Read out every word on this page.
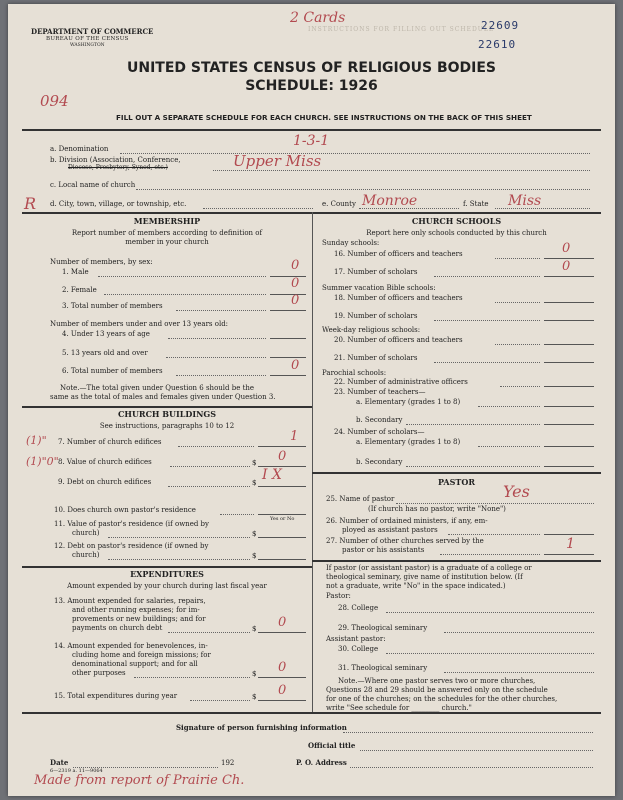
INSTRUCTIONS FOR FILLING OUT SCHEDULE
DEPARTMENT OF COMMERCE
BUREAU OF THE CENSUS
WASHINGTON
2 Cards	22609
22610
UNITED STATES CENSUS OF RELIGIOUS BODIES
SCHEDULE: 1926
094
FILL OUT A SEPARATE SCHEDULE FOR EACH CHURCH. SEE INSTRUCTIONS ON THE BACK OF THIS SHEET
a. Denomination	1-3-1
b. Division (Association, Conference,
Diocese, Presbytery, Synod, etc.)	Upper Miss
c. Local name of church
R d. City, town, village, or township, etc.	e. County Monroe	f. State Miss
MEMBERSHIP
Report number of members according to definition of
member in your church
Number of members, by sex:
1. Male	0
2. Female	0
3. Total number of members	0
Number of members under and over 13 years old:
4. Under 13 years of age
5. 13 years old and over
6. Total number of members	0
Note.—The total given under Question 6 should be the
same as the total of males and females given under Question 3.
CHURCH BUILDINGS
See instructions, paragraphs 10 to 12
(1)" 7. Number of church edifices	1
(1)"0" 8. Value of church edifices	$ 0
9. Debt on church edifices	$ I X
10. Does church own pastor's residence
Yes or No
11. Value of pastor's residence (if owned by
church)	$
12. Debt on pastor's residence (if owned by
church)	$
EXPENDITURES
Amount expended by your church during last fiscal year
13. Amount expended for salaries, repairs,
and other running expenses; for im-
provements or new buildings; and for
payments on church debt	$ 0
14. Amount expended for benevolences, in-
cluding home and foreign missions; for
denominational support; and for all
other purposes	$ 0
15. Total expenditures during year	$ 0
CHURCH SCHOOLS
Report here only schools conducted by this church
Sunday schools:
16. Number of officers and teachers	0
17. Number of scholars	0
Summer vacation Bible schools:
18. Number of officers and teachers
19. Number of scholars
Week-day religious schools:
20. Number of officers and teachers
21. Number of scholars
Parochial schools:
22. Number of administrative officers
23. Number of teachers—
a. Elementary (grades 1 to 8)
b. Secondary
24. Number of scholars—
a. Elementary (grades 1 to 8)
b. Secondary
PASTOR
25. Name of pastor	Yes
(If church has no pastor, write "None")
26. Number of ordained ministers, if any, em-
ployed as assistant pastors
27. Number of other churches served by the
pastor or his assistants	1
If pastor (or assistant pastor) is a graduate of a college or
theological seminary, give name of institution below. (If
not a graduate, write "No" in the space indicated.)
Pastor:
28. College
29. Theological seminary
Assistant pastor:
30. College
31. Theological seminary
Note.—Where one pastor serves two or more churches,
Questions 28 and 29 should be answered only on the schedule
for one of the churches; on the schedules for the other churches,
write "See schedule for ________ church."
Signature of person furnishing information
Official title
Date	192	P. O. Address
6—2319 a. 11—9064
Made from report of Prairie Ch.
